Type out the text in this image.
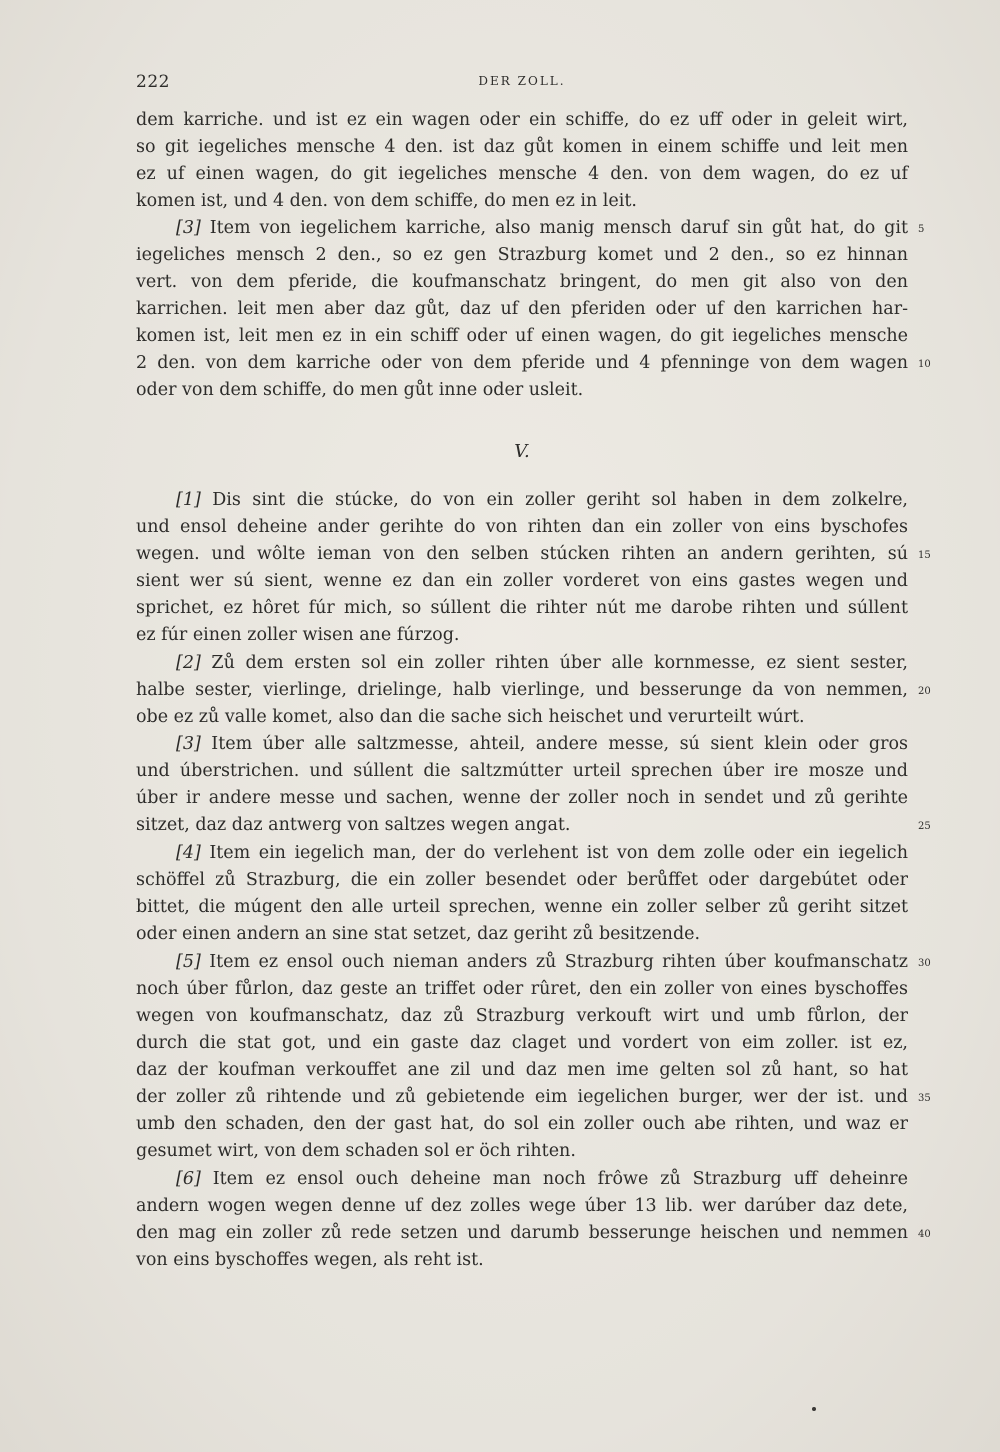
222	DER ZOLL.
dem karriche. und ist ez ein wagen oder ein schiffe, do ez uff oder in geleit wirt,
so git iegeliches mensche 4 den. ist daz gůt komen in einem schiffe und leit men
ez uf einen wagen, do git iegeliches mensche 4 den. von dem wagen, do ez uf
komen ist, und 4 den. von dem schiffe, do men ez in leit.
[3] Item von iegelichem karriche, also manig mensch daruf sin gůt hat, do git
iegeliches mensch 2 den., so ez gen Strazburg komet und 2 den., so ez hinnan
vert. von dem pferide, die koufmanschatz bringent, do men git also von den
karrichen. leit men aber daz gůt, daz uf den pferiden oder uf den karrichen har-
komen ist, leit men ez in ein schiff oder uf einen wagen, do git iegeliches mensche
2 den. von dem karriche oder von dem pferide und 4 pfenninge von dem wagen
oder von dem schiffe, do men gůt inne oder usleit.
V.
[1] Dis sint die stúcke, do von ein zoller geriht sol haben in dem zolkelre,
und ensol deheine ander gerihte do von rihten dan ein zoller von eins byschofes
wegen. und wôlte ieman von den selben stúcken rihten an andern gerihten, sú
sient wer sú sient, wenne ez dan ein zoller vorderet von eins gastes wegen und
sprichet, ez hôret fúr mich, so súllent die rihter nút me darobe rihten und súllent
ez fúr einen zoller wisen ane fúrzog.
[2] Zů dem ersten sol ein zoller rihten úber alle kornmesse, ez sient sester,
halbe sester, vierlinge, drielinge, halb vierlinge, und besserunge da von nemmen,
obe ez zů valle komet, also dan die sache sich heischet und verurteilt wúrt.
[3] Item úber alle saltzmesse, ahteil, andere messe, sú sient klein oder gros
und úberstrichen. und súllent die saltzmútter urteil sprechen úber ire mosze und
úber ir andere messe und sachen, wenne der zoller noch in sendet und zů gerihte
sitzet, daz daz antwerg von saltzes wegen angat.
[4] Item ein iegelich man, der do verlehent ist von dem zolle oder ein iegelich
schöffel zů Strazburg, die ein zoller besendet oder berůffet oder dargebútet oder
bittet, die múgent den alle urteil sprechen, wenne ein zoller selber zů geriht sitzet
oder einen andern an sine stat setzet, daz geriht zů besitzende.
[5] Item ez ensol ouch nieman anders zů Strazburg rihten úber koufmanschatz
noch úber fůrlon, daz geste an triffet oder rûret, den ein zoller von eines byschoffes
wegen von koufmanschatz, daz zů Strazburg verkouft wirt und umb fůrlon, der
durch die stat got, und ein gaste daz claget und vordert von eim zoller. ist ez,
daz der koufman verkouffet ane zil und daz men ime gelten sol zů hant, so hat
der zoller zů rihtende und zů gebietende eim iegelichen burger, wer der ist. und
umb den schaden, den der gast hat, do sol ein zoller ouch abe rihten, und waz er
gesumet wirt, von dem schaden sol er öch rihten.
[6] Item ez ensol ouch deheine man noch frôwe zů Strazburg uff deheinre
andern wogen wegen denne uf dez zolles wege úber 13 lib. wer darúber daz dete,
den mag ein zoller zů rede setzen und darumb besserunge heischen und nemmen
von eins byschoffes wegen, als reht ist.
5
10
15
20
25
30
35
40
